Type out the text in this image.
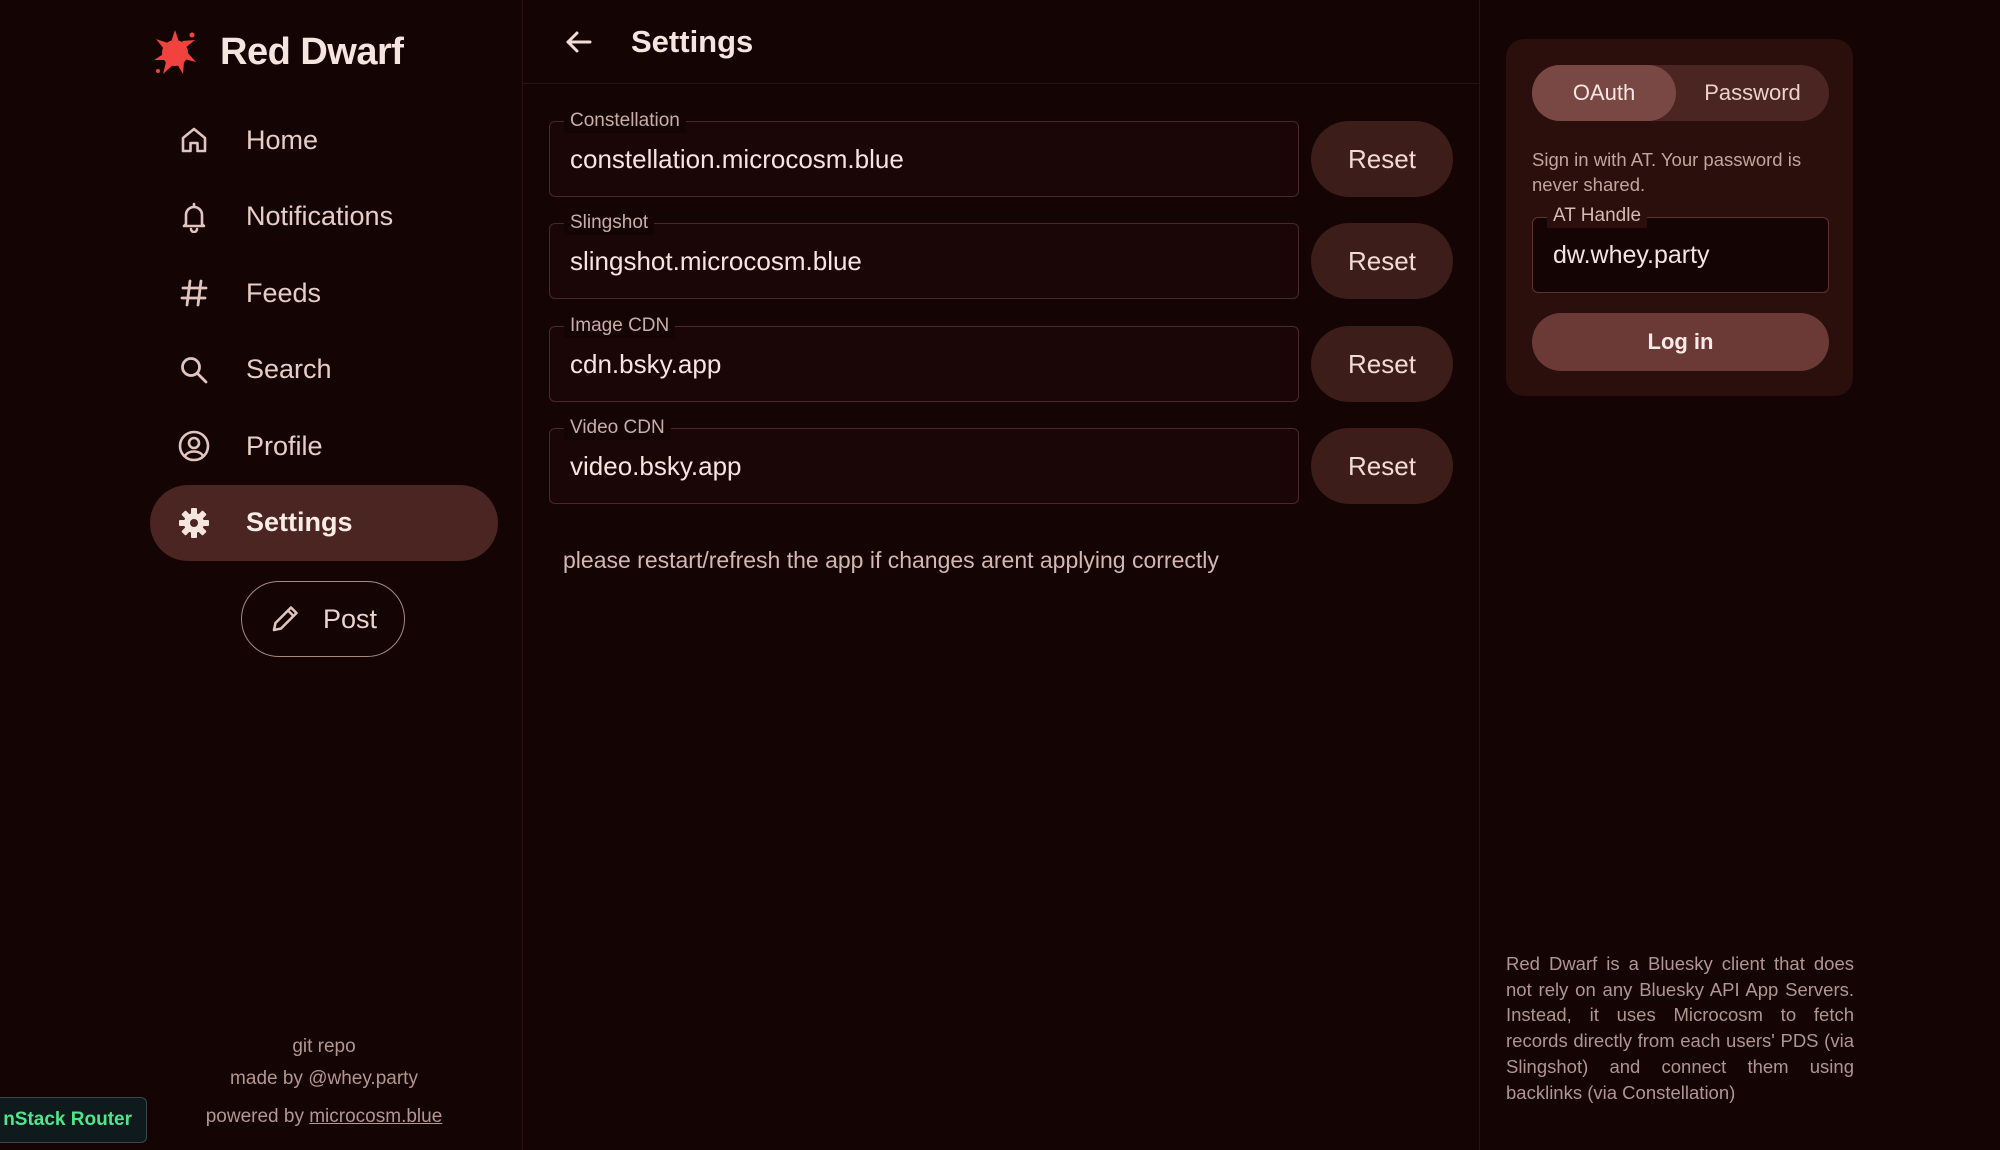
Red Dwarf
Home
Notifications
Feeds
Search
Profile
Settings
Post
git repo
made by @whey.party
powered by microcosm.blue
nStack Router
Settings
Constellation
constellation.microcosm.blue
Reset
Slingshot
slingshot.microcosm.blue
Reset
Image CDN
cdn.bsky.app
Reset
Video CDN
video.bsky.app
Reset
please restart/refresh the app if changes arent applying correctly
OAuth	Password
Sign in with AT. Your password is never shared.
AT Handle
dw.whey.party
Log in
Red Dwarf is a Bluesky client that does not rely on any Bluesky API App Servers. Instead, it uses Microcosm to fetch records directly from each users' PDS (via Slingshot) and connect them using backlinks (via Constellation)
